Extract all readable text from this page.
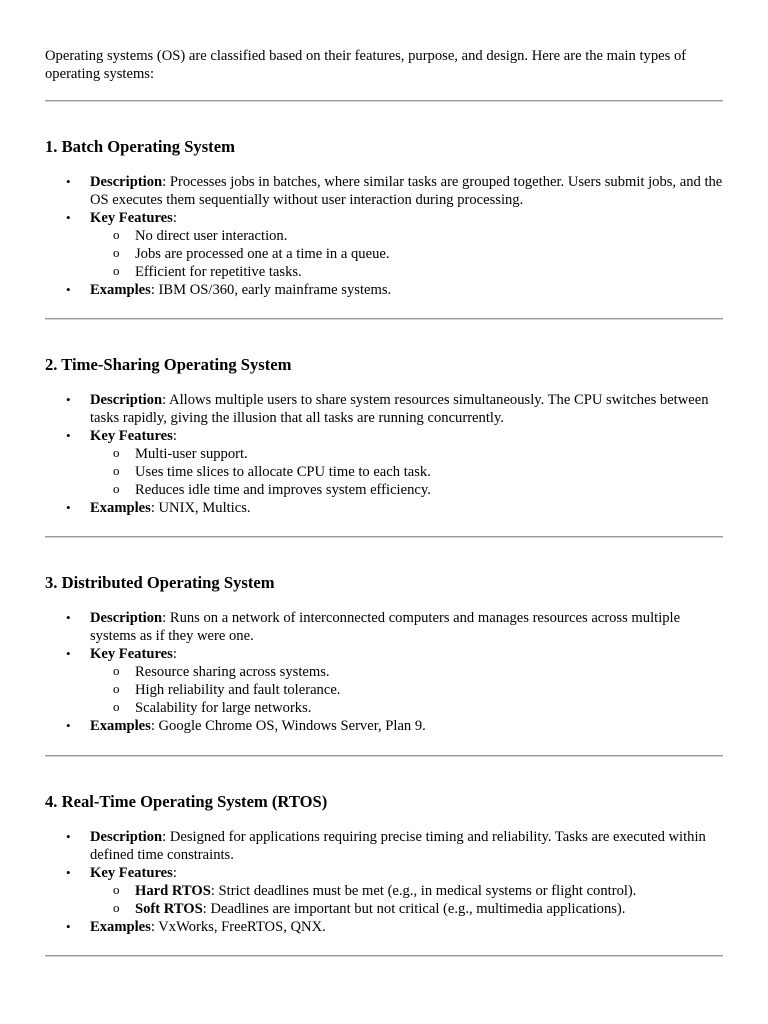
Operating systems (OS) are classified based on their features, purpose, and design. Here are the main types of operating systems:

1. Batch Operating System
• Description: Processes jobs in batches, where similar tasks are grouped together. Users submit jobs, and the OS executes them sequentially without user interaction during processing.
• Key Features:
o No direct user interaction.
o Jobs are processed one at a time in a queue.
o Efficient for repetitive tasks.
• Examples: IBM OS/360, early mainframe systems.
2. Time-Sharing Operating System
• Description: Allows multiple users to share system resources simultaneously. The CPU switches between tasks rapidly, giving the illusion that all tasks are running concurrently.
• Key Features:
o Multi-user support.
o Uses time slices to allocate CPU time to each task.
o Reduces idle time and improves system efficiency.
• Examples: UNIX, Multics.
3. Distributed Operating System
• Description: Runs on a network of interconnected computers and manages resources across multiple systems as if they were one.
• Key Features:
o Resource sharing across systems.
o High reliability and fault tolerance.
o Scalability for large networks.
• Examples: Google Chrome OS, Windows Server, Plan 9.
4. Real-Time Operating System (RTOS)
• Description: Designed for applications requiring precise timing and reliability. Tasks are executed within defined time constraints.
• Key Features:
o Hard RTOS: Strict deadlines must be met (e.g., in medical systems or flight control).
o Soft RTOS: Deadlines are important but not critical (e.g., multimedia applications).
• Examples: VxWorks, FreeRTOS, QNX.
